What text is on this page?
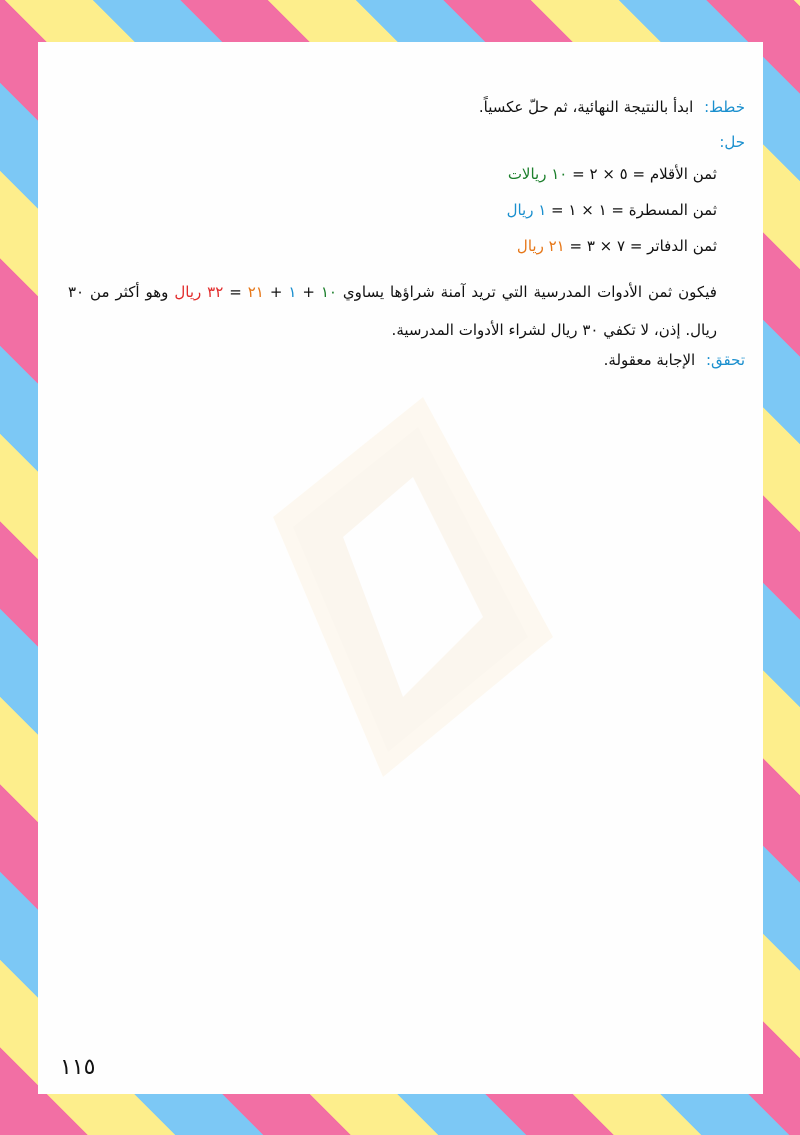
خطط: ابدأ بالنتيجة النهائية، ثم حلّ عكسياً.

حل:

ثمن الأقلام = ٥ × ٢ = ١٠ ريالات

ثمن المسطرة = ١ × ١ = ١ ريال

ثمن الدفاتر = ٧ × ٣ = ٢١ ريال

فيكون ثمن الأدوات المدرسية التي تريد آمنة شراؤها يساوي ١٠ + ١ + ٢١ = ٣٢ ريال وهو أكثر من ٣٠ ريال. إذن، لا تكفي ٣٠ ريال لشراء الأدوات المدرسية.

تحقق: الإجابة معقولة.

١١٥
